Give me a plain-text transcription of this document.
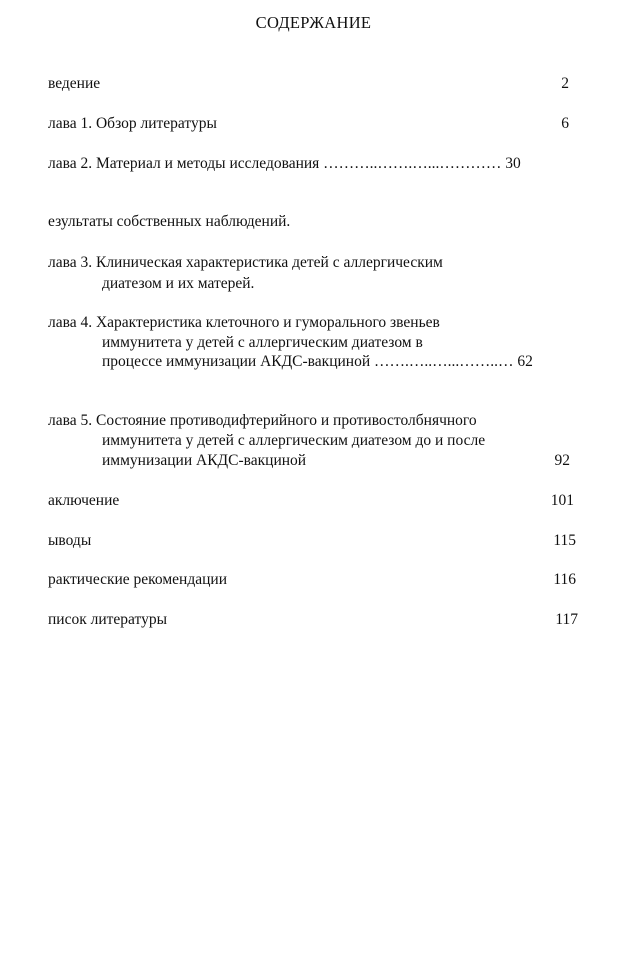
СОДЕРЖАНИЕ
ведение	2
лава 1. Обзор литературы	6
лава 2. Материал и методы исследования ………..…….…...………… 30
езультаты собственных наблюдений.
лава 3. Клиническая характеристика детей с аллергическим
диатезом и их матерей.
лава 4. Характеристика клеточного и гуморального звеньев
иммунитета у детей с аллергическим диатезом в
процессе иммунизации АКДС-вакциной …….…..…...……..… 62
лава 5. Состояние противодифтерийного и противостолбнячного
иммунитета у детей с аллергическим диатезом до и после
иммунизации АКДС-вакциной	92
аключение	101
ыводы	115
рактические рекомендации	116
писок литературы	117
